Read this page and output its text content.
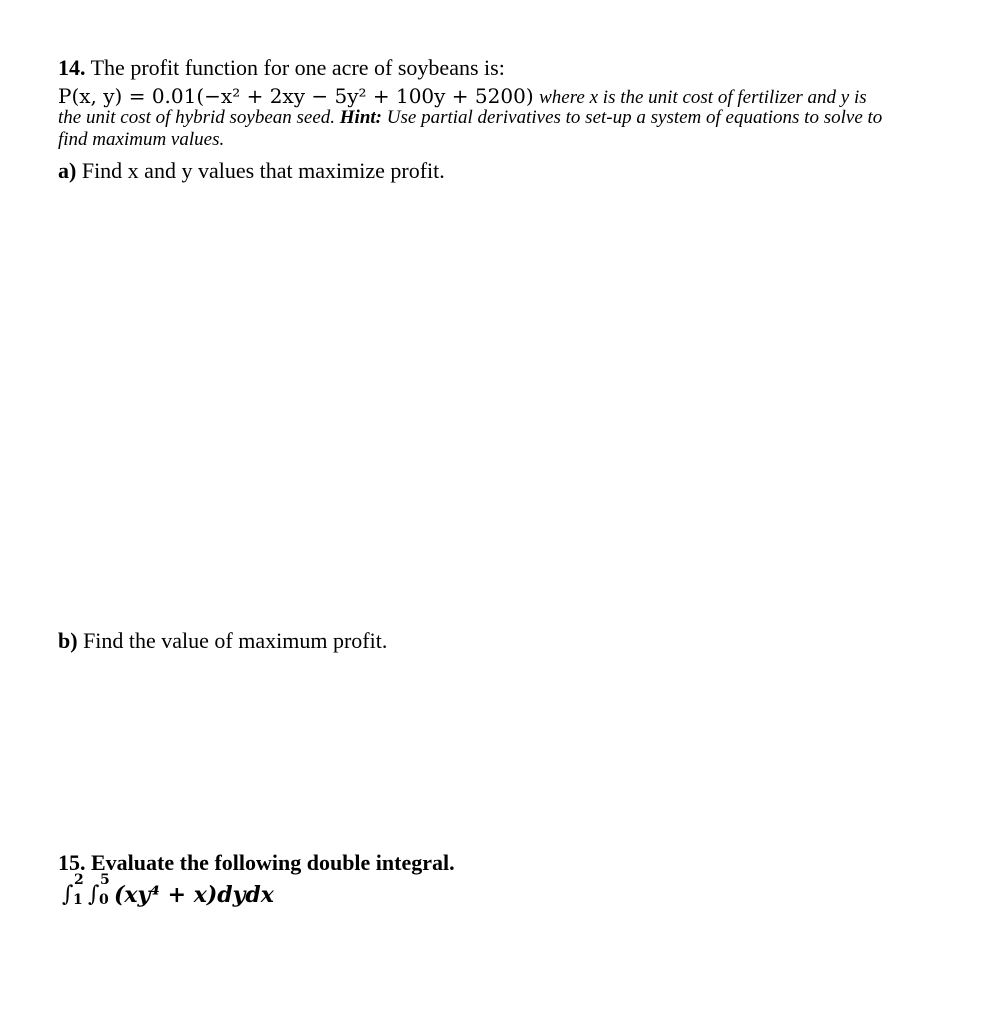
14. The profit function for one acre of soybeans is:
P(x, y) = 0.01(−x² + 2xy − 5y² + 100y + 5200) where x is the unit cost of fertilizer and y is
the unit cost of hybrid soybean seed. Hint: Use partial derivatives to set-up a system of equations to solve to
find maximum values.
a) Find x and y values that maximize profit.
b) Find the value of maximum profit.
15. Evaluate the following double integral.
∫
2
1 ∫
5
0 (xy⁴ + x)dydx
